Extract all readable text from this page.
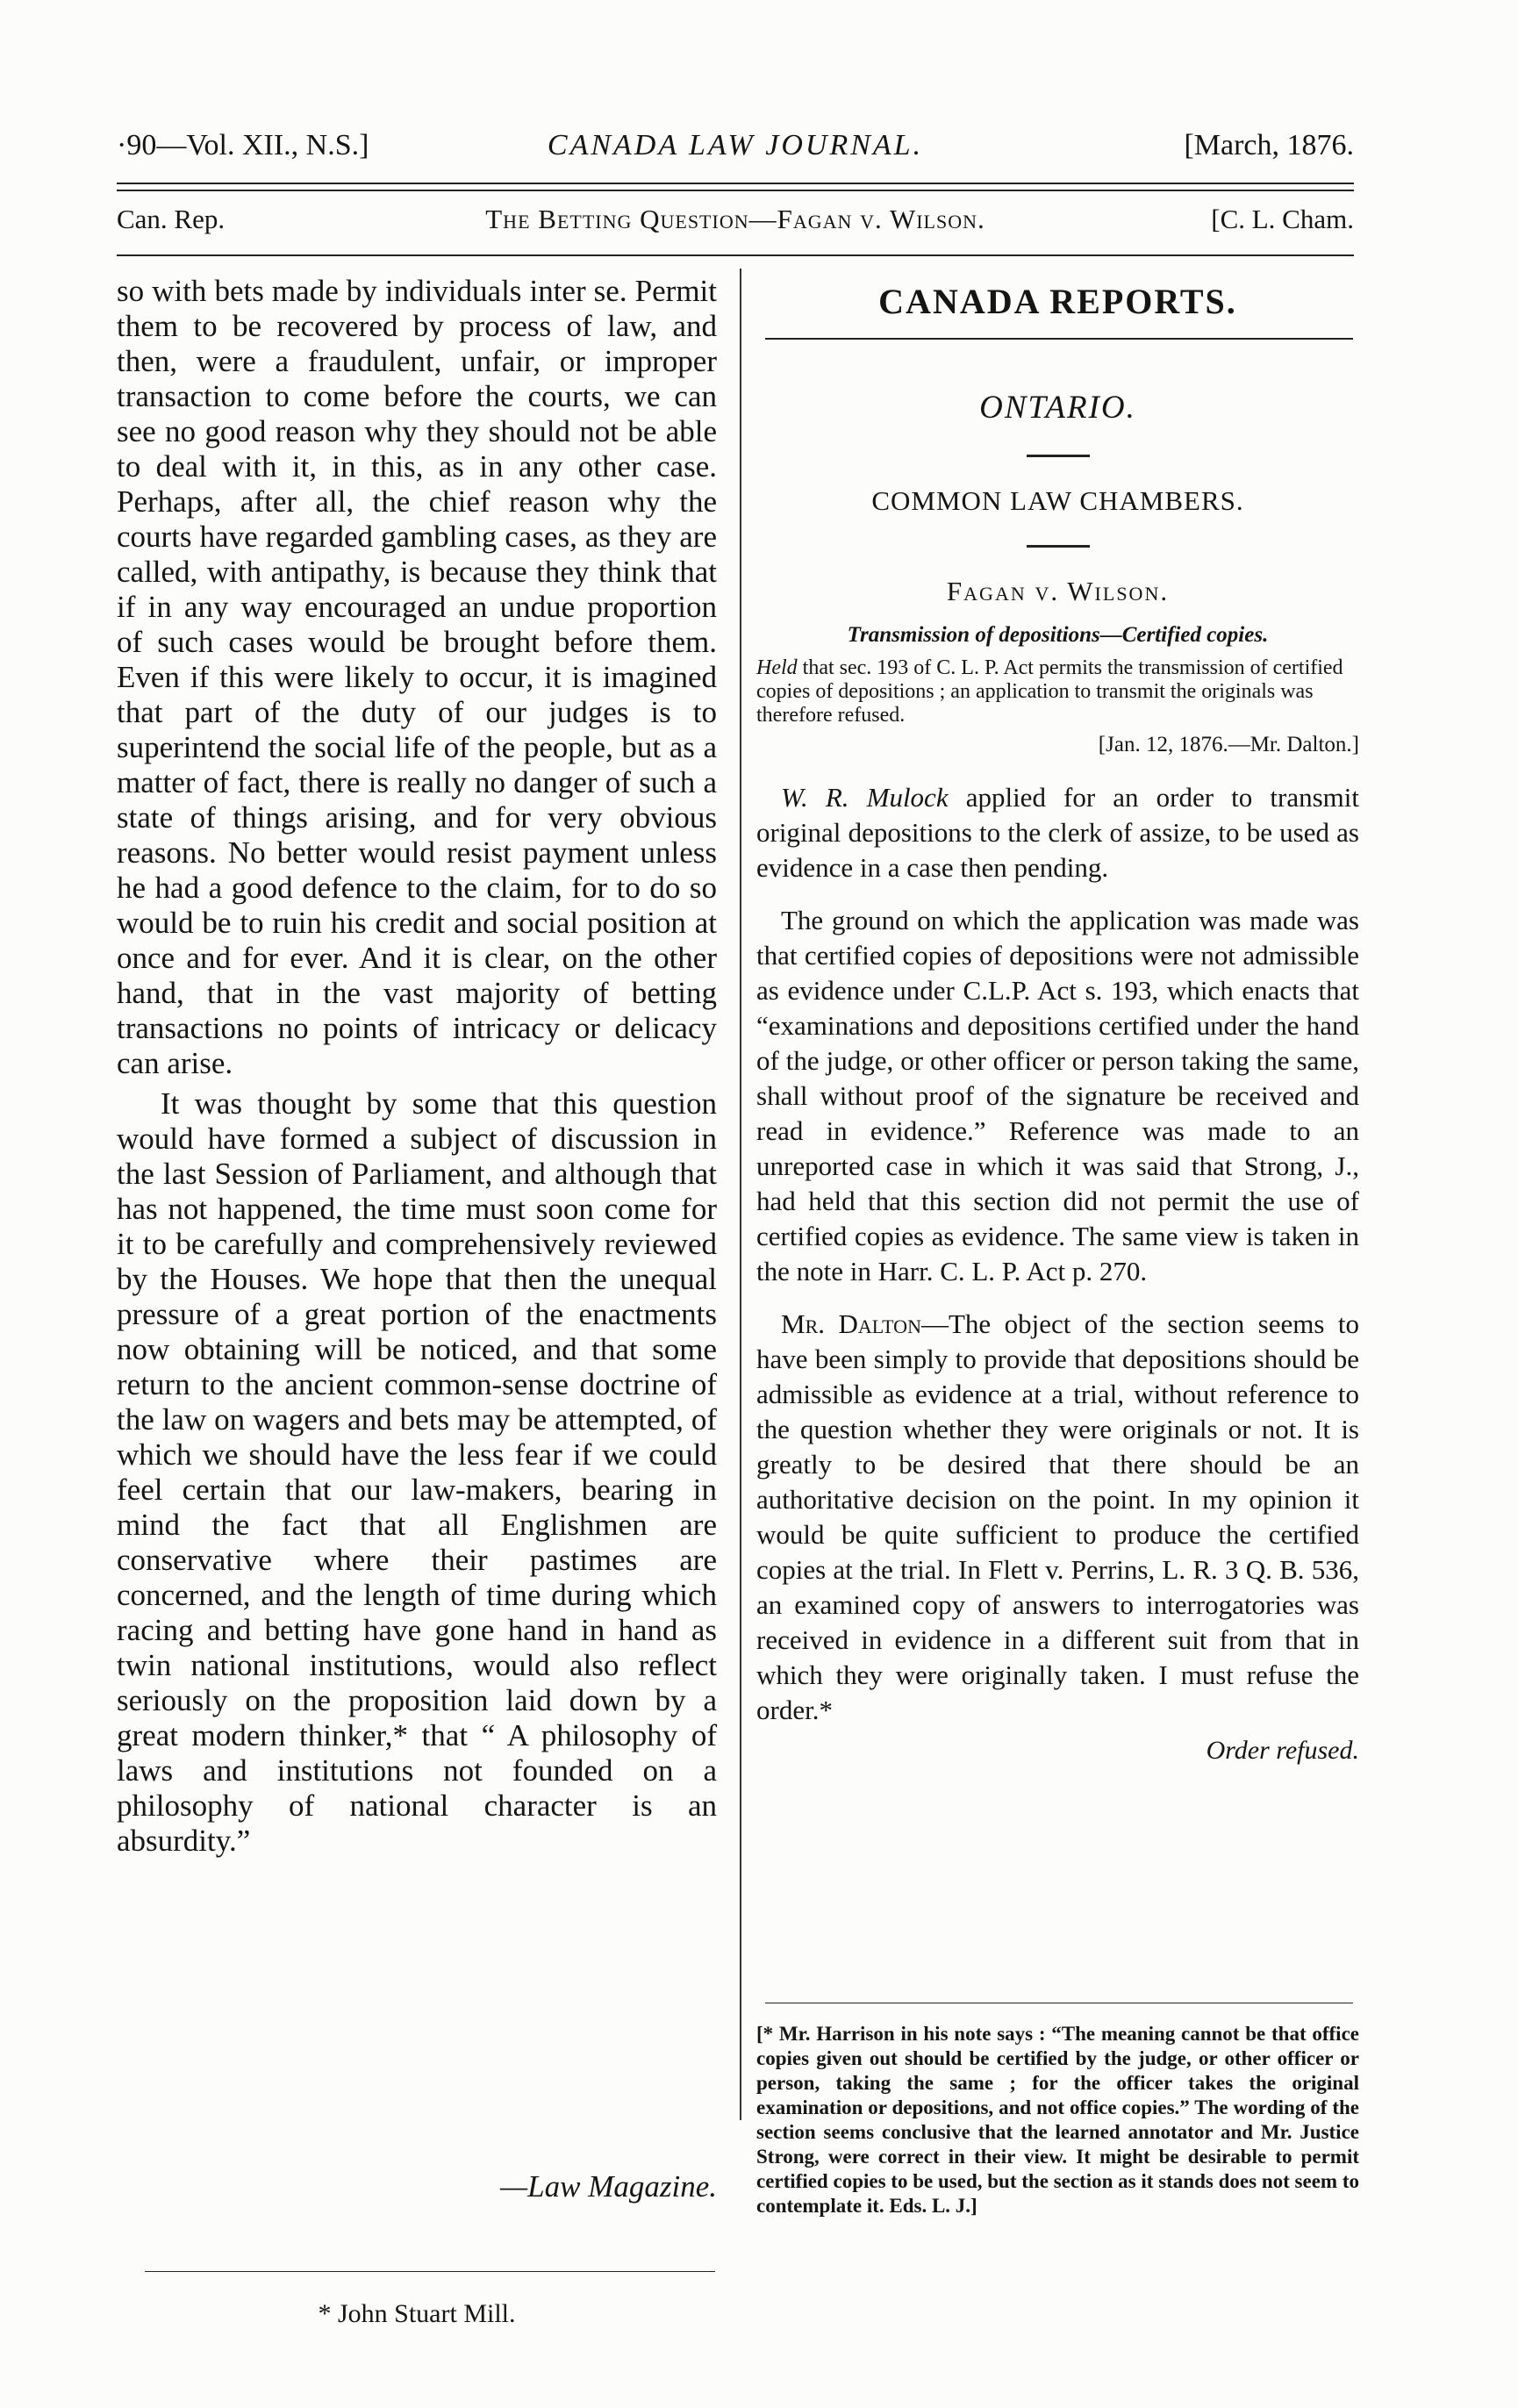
·90—Vol. XII., N.S.]	CANADA LAW JOURNAL.	[March, 1876.
Can. Rep.	The Betting Question—Fagan v. Wilson.	[C. L. Cham.

so with bets made by individuals inter se. Permit them to be recovered by process of law, and then, were a fraudulent, unfair, or improper transaction to come before the courts, we can see no good reason why they should not be able to deal with it, in this, as in any other case. Perhaps, after all, the chief reason why the courts have regarded gambling cases, as they are called, with antipathy, is because they think that if in any way encouraged an undue proportion of such cases would be brought before them. Even if this were likely to occur, it is imagined that part of the duty of our judges is to superintend the social life of the people, but as a matter of fact, there is really no danger of such a state of things arising, and for very obvious reasons. No better would resist payment unless he had a good defence to the claim, for to do so would be to ruin his credit and social position at once and for ever. And it is clear, on the other hand, that in the vast majority of betting transactions no points of intricacy or delicacy can arise.

It was thought by some that this question would have formed a subject of discussion in the last Session of Parliament, and although that has not happened, the time must soon come for it to be carefully and comprehensively reviewed by the Houses. We hope that then the unequal pressure of a great portion of the enactments now obtaining will be noticed, and that some return to the ancient common-sense doctrine of the law on wagers and bets may be attempted, of which we should have the less fear if we could feel certain that our law-makers, bearing in mind the fact that all Englishmen are conservative where their pastimes are concerned, and the length of time during which racing and betting have gone hand in hand as twin national institutions, would also reflect seriously on the proposition laid down by a great modern thinker,* that “ A philosophy of laws and institutions not founded on a philosophy of national character is an absurdity.”

—Law Magazine.
* John Stuart Mill.
CANADA REPORTS.
ONTARIO.
COMMON LAW CHAMBERS.
Fagan v. Wilson.
Transmission of depositions—Certified copies.
Held that sec. 193 of C. L. P. Act permits the transmission of certified copies of depositions ; an application to transmit the originals was therefore refused.
[Jan. 12, 1876.—Mr. Dalton.]

W. R. Mulock applied for an order to transmit original depositions to the clerk of assize, to be used as evidence in a case then pending.

The ground on which the application was made was that certified copies of depositions were not admissible as evidence under C.L.P. Act s. 193, which enacts that “examinations and depositions certified under the hand of the judge, or other officer or person taking the same, shall without proof of the signature be received and read in evidence.” Reference was made to an unreported case in which it was said that Strong, J., had held that this section did not permit the use of certified copies as evidence. The same view is taken in the note in Harr. C. L. P. Act p. 270.

Mr. Dalton—The object of the section seems to have been simply to provide that depositions should be admissible as evidence at a trial, without reference to the question whether they were originals or not. It is greatly to be desired that there should be an authoritative decision on the point. In my opinion it would be quite sufficient to produce the certified copies at the trial. In Flett v. Perrins, L. R. 3 Q. B. 536, an examined copy of answers to interrogatories was received in evidence in a different suit from that in which they were originally taken. I must refuse the order.*

Order refused.
[* Mr. Harrison in his note says : “The meaning cannot be that office copies given out should be certified by the judge, or other officer or person, taking the same ; for the officer takes the original examination or depositions, and not office copies.” The wording of the section seems conclusive that the learned annotator and Mr. Justice Strong, were correct in their view. It might be desirable to permit certified copies to be used, but the section as it stands does not seem to contemplate it. Eds. L. J.]
